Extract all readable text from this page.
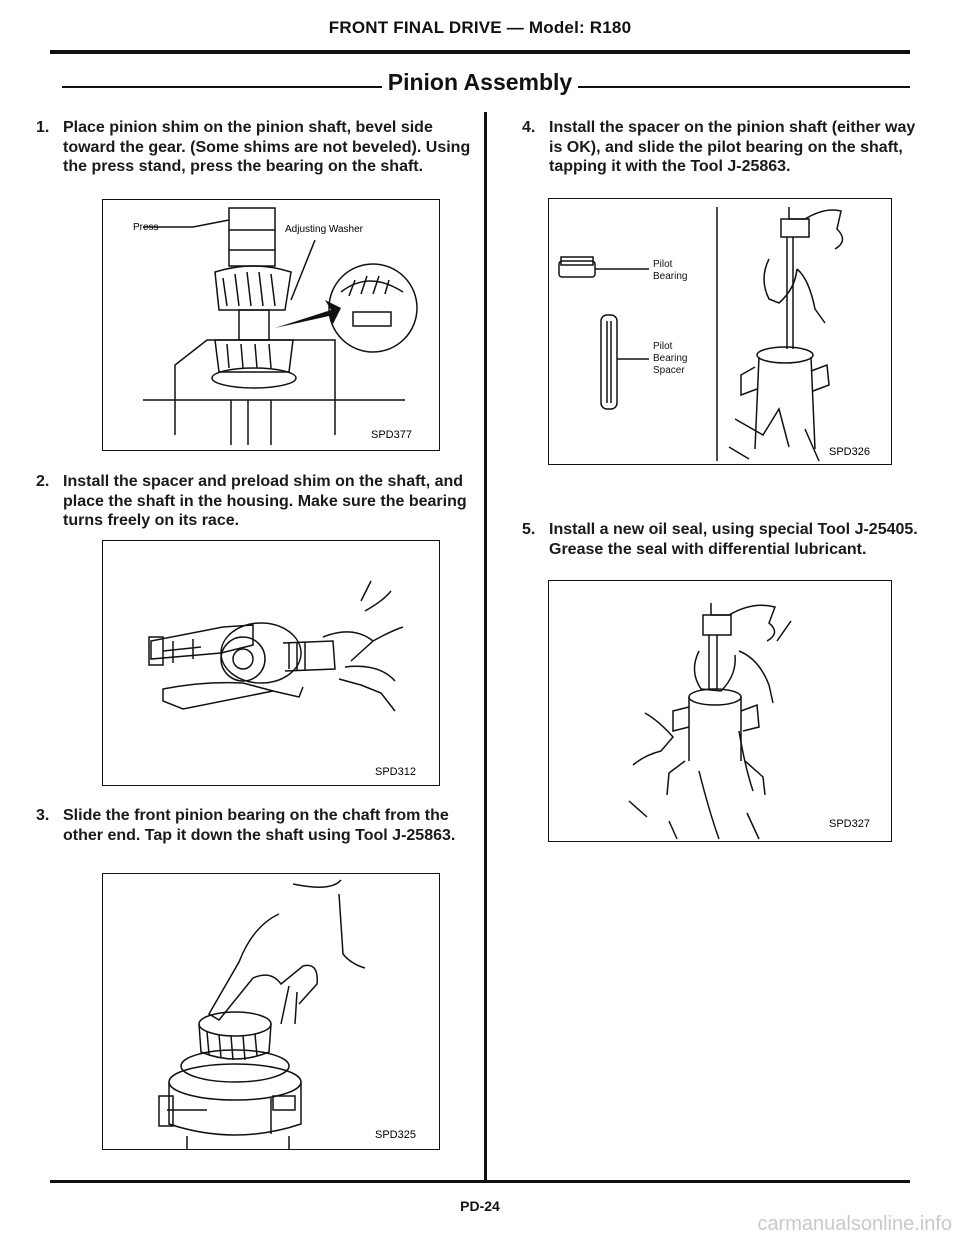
FRONT FINAL DRIVE — Model: R180
Pinion Assembly
1. Place pinion shim on the pinion shaft, bevel side toward the gear. (Some shims are not beveled). Using the press stand, press the bearing on the shaft.
Press	Adjusting Washer
SPD377
2. Install the spacer and preload shim on the shaft, and place the shaft in the housing. Make sure the bearing turns freely on its race.
SPD312
3. Slide the front pinion bearing on the chaft from the other end. Tap it down the shaft using Tool J-25863.
SPD325
4. Install the spacer on the pinion shaft (either way is OK), and slide the pilot bearing on the shaft, tapping it with the Tool J-25863.
Pilot
Bearing
Pilot
Bearing
Spacer
SPD326
5. Install a new oil seal, using special Tool J-25405. Grease the seal with differential lubricant.
SPD327
PD-24
carmanualsonline.info
